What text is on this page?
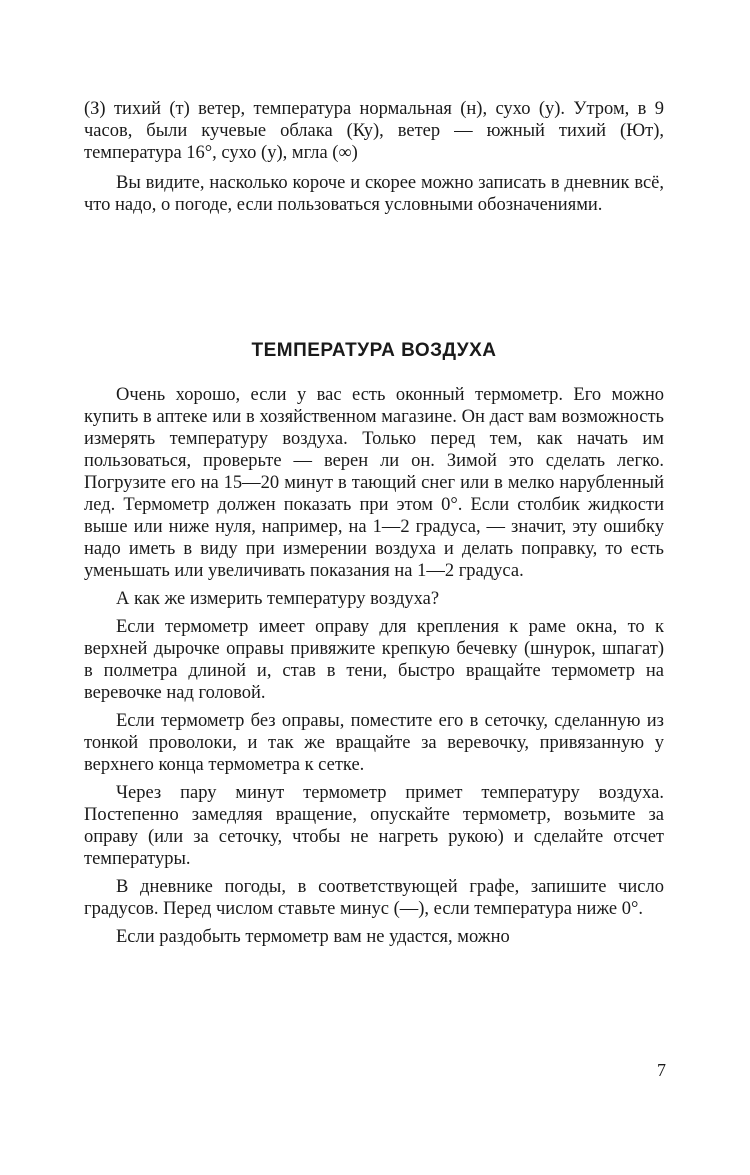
(З) тихий (т) ветер, температура нормальная (н), сухо (у). Утром, в 9 часов, были кучевые облака (Ку), ветер — южный тихий (Ют), температура 16°, сухо (у), мгла (∞)

Вы видите, насколько короче и скорее можно записать в дневник всё, что надо, о погоде, если пользоваться условными обозначениями.

ТЕМПЕРАТУРА ВОЗДУХА

Очень хорошо, если у вас есть оконный термометр. Его можно купить в аптеке или в хозяйственном магазине. Он даст вам возможность измерять температуру воздуха. Только перед тем, как начать им пользоваться, проверьте — верен ли он. Зимой это сделать легко. Погрузите его на 15—20 минут в тающий снег или в мелко нарубленный лед. Термометр должен показать при этом 0°. Если столбик жидкости выше или ниже нуля, например, на 1—2 градуса, — значит, эту ошибку надо иметь в виду при измерении воздуха и делать поправку, то есть уменьшать или увеличивать показания на 1—2 градуса.

А как же измерить температуру воздуха?

Если термометр имеет оправу для крепления к раме окна, то к верхней дырочке оправы привяжите крепкую бечевку (шнурок, шпагат) в полметра длиной и, став в тени, быстро вращайте термометр на веревочке над головой.

Если термометр без оправы, поместите его в сеточку, сделанную из тонкой проволоки, и так же вращайте за веревочку, привязанную у верхнего конца термометра к сетке.

Через пару минут термометр примет температуру воздуха. Постепенно замедляя вращение, опускайте термометр, возьмите за оправу (или за сеточку, чтобы не нагреть рукою) и сделайте отсчет температуры.

В дневнике погоды, в соответствующей графе, запишите число градусов. Перед числом ставьте минус (—), если температура ниже 0°.

Если раздобыть термометр вам не удастся, можно

7
